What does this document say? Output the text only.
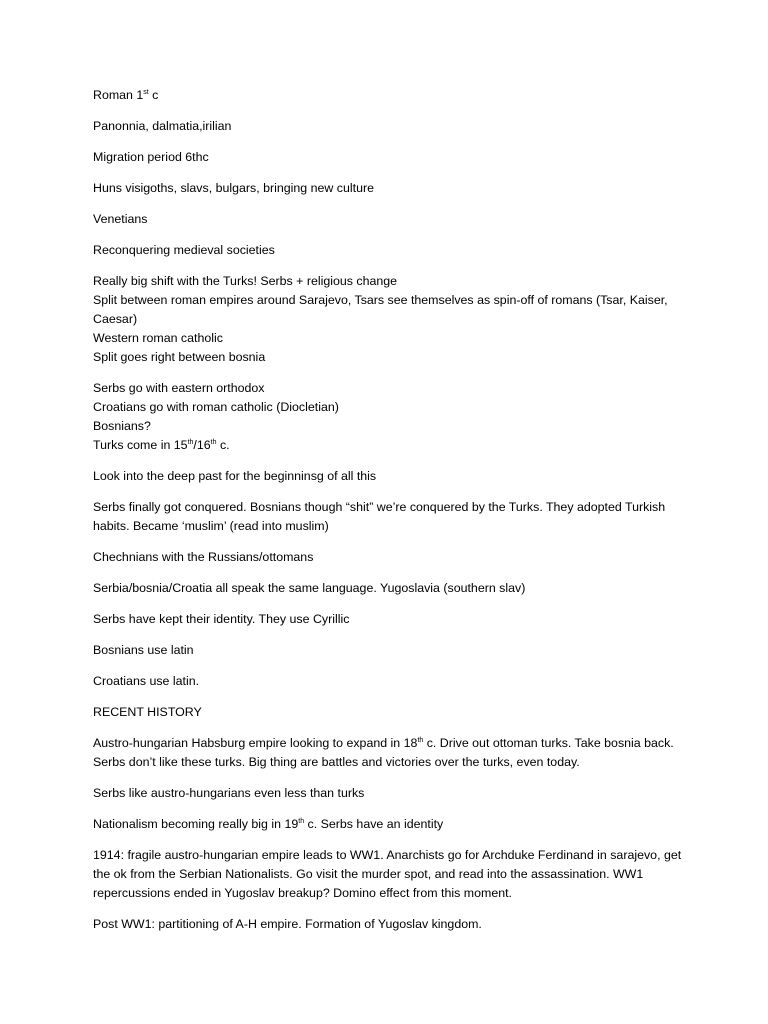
Roman 1st c
Panonnia, dalmatia,irilian
Migration period 6thc
Huns visigoths, slavs, bulgars, bringing new culture
Venetians
Reconquering medieval societies
Really big shift with the Turks! Serbs + religious change
Split between roman empires around Sarajevo, Tsars see themselves as spin-off of romans (Tsar, Kaiser, Caesar)
Western roman catholic
Split goes right between bosnia
Serbs go with eastern orthodox
Croatians go with roman catholic (Diocletian)
Bosnians?
Turks come in 15th/16th c.
Look into the deep past for the beginninsg of all this
Serbs finally got conquered. Bosnians though “shit” we’re conquered by the Turks. They adopted Turkish habits. Became ‘muslim’ (read into muslim)
Chechnians with the Russians/ottomans
Serbia/bosnia/Croatia all speak the same language. Yugoslavia (southern slav)
Serbs have kept their identity. They use Cyrillic
Bosnians use latin
Croatians use latin.
RECENT HISTORY
Austro-hungarian Habsburg empire looking to expand in 18th c. Drive out ottoman turks. Take bosnia back. Serbs don’t like these turks. Big thing are battles and victories over the turks, even today.
Serbs like austro-hungarians even less than turks
Nationalism becoming really big in 19th c. Serbs have an identity
1914: fragile austro-hungarian empire leads to WW1. Anarchists go for Archduke Ferdinand in sarajevo, get the ok from the Serbian Nationalists. Go visit the murder spot, and read into the assassination. WW1 repercussions ended in Yugoslav breakup? Domino effect from this moment.
Post WW1: partitioning of A-H empire. Formation of Yugoslav kingdom.
